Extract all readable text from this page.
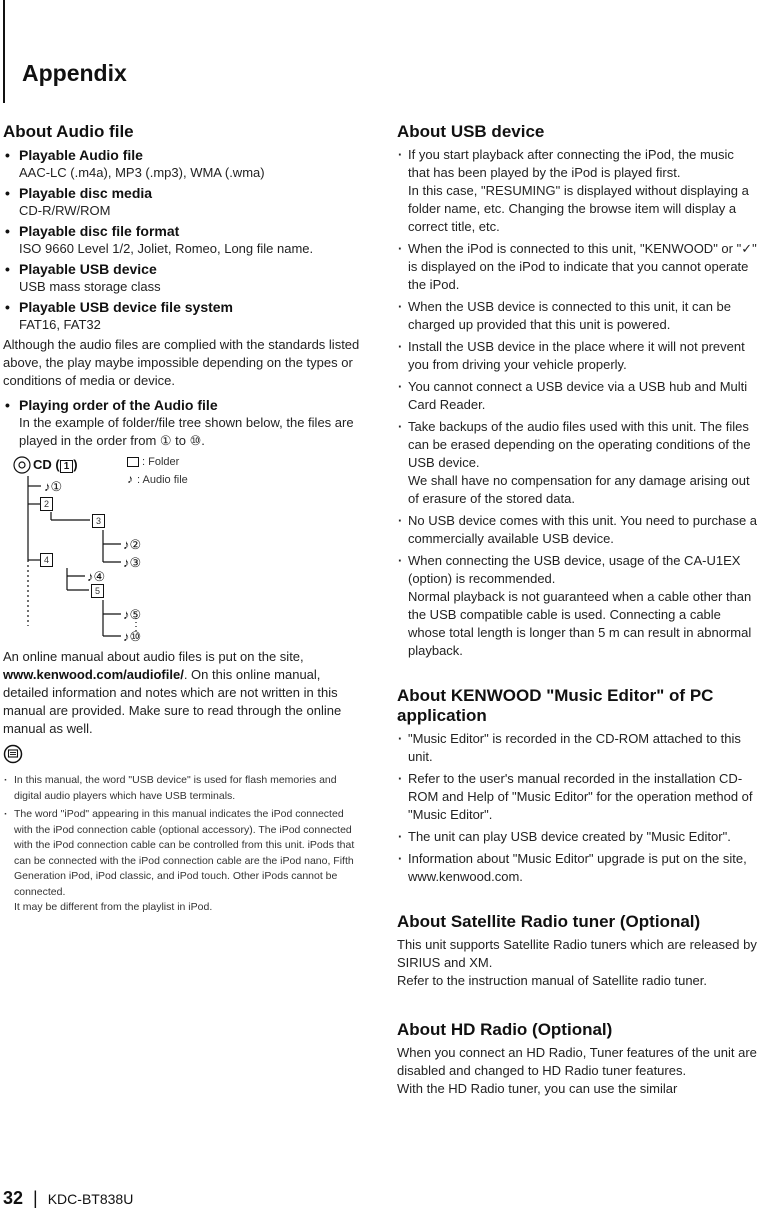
Appendix
About Audio file
• Playable Audio file
AAC-LC (.m4a), MP3 (.mp3), WMA (.wma)
• Playable disc media
CD-R/RW/ROM
• Playable disc file format
ISO 9660 Level 1/2, Joliet, Romeo, Long file name.
• Playable USB device
USB mass storage class
• Playable USB device file system
FAT16, FAT32
Although the audio files are complied with the standards listed above, the play maybe impossible depending on the types or conditions of media or device.
• Playing order of the Audio file
In the example of folder/file tree shown below, the files are played in the order from ① to ⑩.
CD ( 1 )
♪①
2
3
♪②
♪③
4
♪④
5
♪⑤
♪⑩
: Folder
♪ : Audio file
An online manual about audio files is put on the site, www.kenwood.com/audiofile/. On this online manual, detailed information and notes which are not written in this manual are provided. Make sure to read through the online manual as well.
· In this manual, the word "USB device" is used for flash memories and digital audio players which have USB terminals.
· The word "iPod" appearing in this manual indicates the iPod connected with the iPod connection cable (optional accessory). The iPod connected with the iPod connection cable can be controlled from this unit. iPods that can be connected with the iPod connection cable are the iPod nano, Fifth Generation iPod, iPod classic, and iPod touch. Other iPods cannot be connected.
It may be different from the playlist in iPod.
About USB device
· If you start playback after connecting the iPod, the music that has been played by the iPod is played first.
In this case, "RESUMING" is displayed without displaying a folder name, etc. Changing the browse item will display a correct title, etc.
· When the iPod is connected to this unit, "KENWOOD" or "✓" is displayed on the iPod to indicate that you cannot operate the iPod.
· When the USB device is connected to this unit, it can be charged up provided that this unit is powered.
· Install the USB device in the place where it will not prevent you from driving your vehicle properly.
· You cannot connect a USB device via a USB hub and Multi Card Reader.
· Take backups of the audio files used with this unit. The files can be erased depending on the operating conditions of the USB device.
We shall have no compensation for any damage arising out of erasure of the stored data.
· No USB device comes with this unit. You need to purchase a commercially available USB device.
· When connecting the USB device, usage of the CA-U1EX (option) is recommended.
Normal playback is not guaranteed when a cable other than the USB compatible cable is used. Connecting a cable whose total length is longer than 5 m can result in abnormal playback.
About KENWOOD "Music Editor" of PC application
· "Music Editor" is recorded in the CD-ROM attached to this unit.
· Refer to the user's manual recorded in the installation CD-ROM and Help of "Music Editor" for the operation method of "Music Editor".
· The unit can play USB device created by "Music Editor".
· Information about "Music Editor" upgrade is put on the site, www.kenwood.com.
About Satellite Radio tuner (Optional)
This unit supports Satellite Radio tuners which are released by SIRIUS and XM.
Refer to the instruction manual of Satellite radio tuner.
About HD Radio (Optional)
When you connect an HD Radio, Tuner features of the unit are disabled and changed to HD Radio tuner features.
With the HD Radio tuner, you can use the similar
32 | KDC-BT838U
